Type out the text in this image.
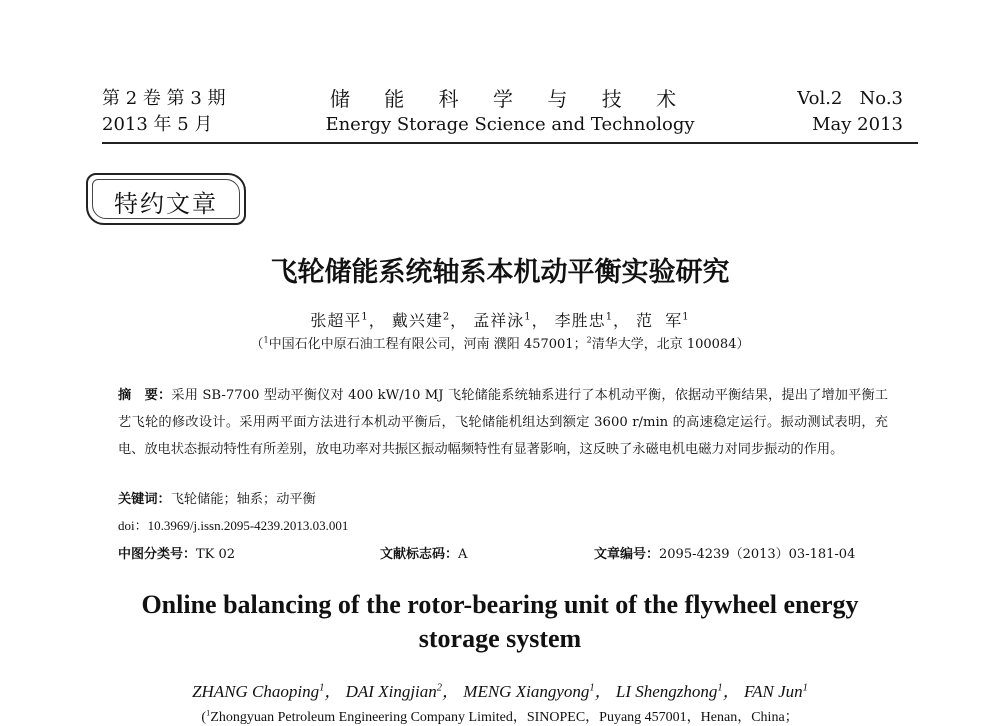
第 2 卷 第 3 期
2013 年 5 月
储 能 科 学 与 技 术
Energy Storage Science and Technology
Vol.2   No.3
May 2013
特约文章
飞轮储能系统轴系本机动平衡实验研究
张超平$^1$， 戴兴建$^2$， 孟祥泳$^1$， 李胜忠$^1$， 范  军$^1$
（$^1$中国石化中原石油工程有限公司，河南 濮阳 457001；$^2$清华大学，北京 100084）
摘　要：采用 SB-7700 型动平衡仪对 400 kW/10 MJ 飞轮储能系统轴系进行了本机动平衡，依据动平衡结果，提出了增加平衡工艺飞轮的修改设计。采用两平面方法进行本机动平衡后，飞轮储能机组达到额定 3600 r/min 的高速稳定运行。振动测试表明，充电、放电状态振动特性有所差别，放电功率对共振区振动幅频特性有显著影响，这反映了永磁电机电磁力对同步振动的作用。
关键词：飞轮储能；轴系；动平衡
doi：10.3969/j.issn.2095-4239.2013.03.001
中图分类号：TK 02	文献标志码：A	文章编号：2095-4239（2013）03-181-04
Online balancing of the rotor-bearing unit of the flywheel energy storage system
ZHANG Chaoping$^1$， DAI Xingjian$^2$， MENG Xiangyong$^1$， LI Shengzhong$^1$， FAN Jun$^1$
($^1$Zhongyuan Petroleum Engineering Company Limited，SINOPEC，Puyang 457001，Henan，China；
